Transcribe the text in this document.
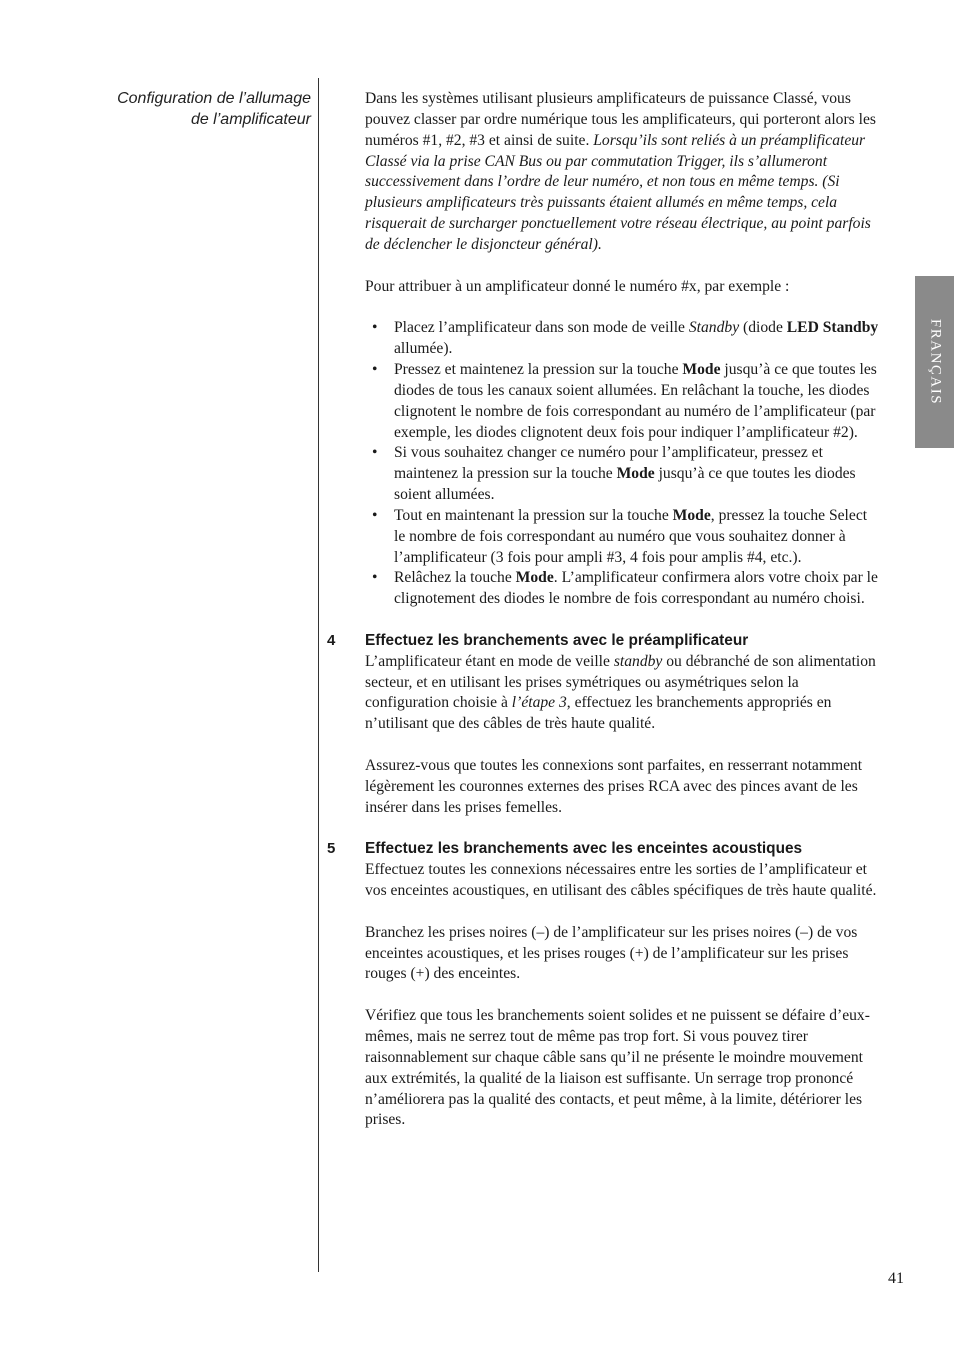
Configuration de l’allumage
de l’amplificateur
FRANÇAIS

Dans les systèmes utilisant plusieurs amplificateurs de puissance Classé, vous pouvez classer par ordre numérique tous les amplificateurs, qui porteront alors les numéros #1, #2, #3 et ainsi de suite. Lorsqu’ils sont reliés à un préamplificateur Classé via la prise CAN Bus ou par commutation Trigger, ils s’allumeront successivement dans l’ordre de leur numéro, et non tous en même temps. (Si plusieurs amplificateurs très puissants étaient allumés en même temps, cela risquerait de surcharger ponctuellement votre réseau électrique, au point parfois de déclencher le disjoncteur général).

Pour attribuer à un amplificateur donné le numéro #x, par exemple :

• Placez l’amplificateur dans son mode de veille Standby (diode LED Standby allumée).
• Pressez et maintenez la pression sur la touche Mode jusqu’à ce que toutes les diodes de tous les canaux soient allumées. En relâchant la touche, les diodes clignotent le nombre de fois correspondant au numéro de l’amplificateur (par exemple, les diodes clignotent deux fois pour indiquer l’amplificateur #2).
• Si vous souhaitez changer ce numéro pour l’amplificateur, pressez et maintenez la pression sur la touche Mode jusqu’à ce que toutes les diodes soient allumées.
• Tout en maintenant la pression sur la touche Mode, pressez la touche Select le nombre de fois correspondant au numéro que vous souhaitez donner à l’amplificateur (3 fois pour ampli #3, 4 fois pour amplis #4, etc.).
• Relâchez la touche Mode. L’amplificateur confirmera alors votre choix par le clignotement des diodes le nombre de fois correspondant au numéro choisi.
4 Effectuez les branchements avec le préamplificateur

L’amplificateur étant en mode de veille standby ou débranché de son alimentation secteur, et en utilisant les prises symétriques ou asymétriques selon la configuration choisie à l’étape 3, effectuez les branchements appropriés en n’utilisant que des câbles de très haute qualité.

Assurez-vous que toutes les connexions sont parfaites, en resserrant notamment légèrement les couronnes externes des prises RCA avec des pinces avant de les insérer dans les prises femelles.

5 Effectuez les branchements avec les enceintes acoustiques

Effectuez toutes les connexions nécessaires entre les sorties de l’amplificateur et vos enceintes acoustiques, en utilisant des câbles spécifiques de très haute qualité.

Branchez les prises noires (–) de l’amplificateur sur les prises noires (–) de vos enceintes acoustiques, et les prises rouges (+) de l’amplificateur sur les prises rouges (+) des enceintes.

Vérifiez que tous les branchements soient solides et ne puissent se défaire d’eux-mêmes, mais ne serrez tout de même pas trop fort. Si vous pouvez tirer raisonnablement sur chaque câble sans qu’il ne présente le moindre mouvement aux extrémités, la qualité de la liaison est suffisante. Un serrage trop prononcé n’améliorera pas la qualité des contacts, et peut même, à la limite, détériorer les prises.

41
